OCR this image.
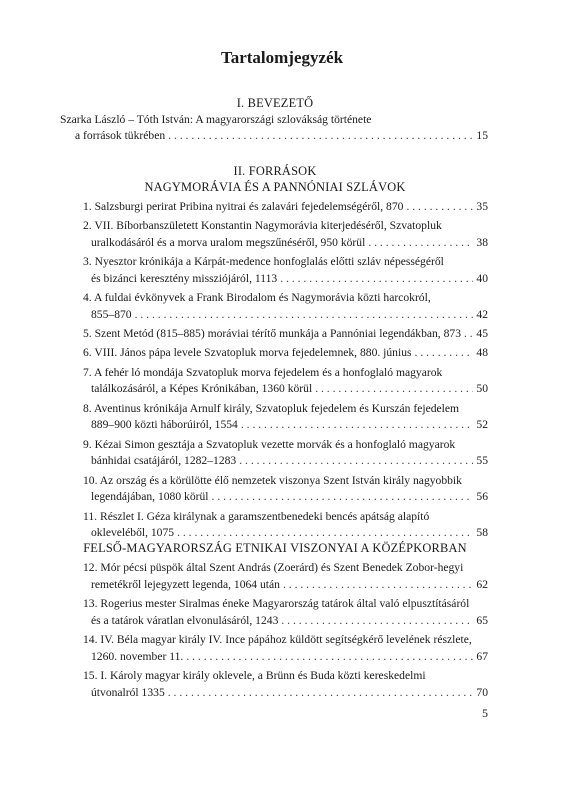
Tartalomjegyzék
I. BEVEZETŐ
Szarka László – Tóth István: A magyarországi szlovákság története
a források tükrében . . .	15
II. FORRÁSOK
NAGYMORÁVIA ÉS A PANNÓNIAI SZLÁVOK
1. Salzsburgi perirat Pribina nyitrai és zalavári fejedelemségéről, 870 . . .	35
2. VII. Bíborbanszületett Konstantin Nagymorávia kiterjedéséről, Szvatopluk
uralkodásáról és a morva uralom megszűnéséről, 950 körül . . .	38
3. Nyesztor krónikája a Kárpát-medence honfoglalás előtti szláv népességéről
és bizánci keresztény missziójáról, 1113 . . .	40
4. A fuldai évkönyvek a Frank Birodalom és Nagymorávia közti harcokról,
855–870 . . .	42
5. Szent Metód (815–885) moráviai térítő munkája a Pannóniai legendákban, 873 . . . 45
6. VIII. János pápa levele Szvatopluk morva fejedelemnek, 880. június . . .	48
7. A fehér ló mondája Szvatopluk morva fejedelem és a honfoglaló magyarok
találkozásáról, a Képes Krónikában, 1360 körül . . .	50
8. Aventinus krónikája Arnulf király, Szvatopluk fejedelem és Kurszán fejedelem
889–900 közti háborúiról, 1554 . . .	52
9. Kézai Simon gesztája a Szvatopluk vezette morvák és a honfoglaló magyarok
bánhidai csatájáról, 1282–1283 . . .	55
10. Az ország és a körülötte élő nemzetek viszonya Szent István király nagyobbik
legendájában, 1080 körül . . .	56
11. Részlet I. Géza királynak a garamszentbenedeki bencés apátság alapító
okleveléből, 1075 . . .	58
FELSŐ-MAGYARORSZÁG ETNIKAI VISZONYAI A KÖZÉPKORBAN
12. Mór pécsi püspök által Szent András (Zoerárd) és Szent Benedek Zobor-hegyi
remetékről lejegyzett legenda, 1064 után . . .	62
13. Rogerius mester Siralmas éneke Magyarország tatárok által való elpusztításáról
és a tatárok váratlan elvonulásáról, 1243 . . .	65
14. IV. Béla magyar király IV. Ince pápához küldött segítségkérő levelének részlete,
1260. november 11. . . .	67
15. I. Károly magyar király oklevele, a Brünn és Buda közti kereskedelmi
útvonalról 1335 . . .	70
5
